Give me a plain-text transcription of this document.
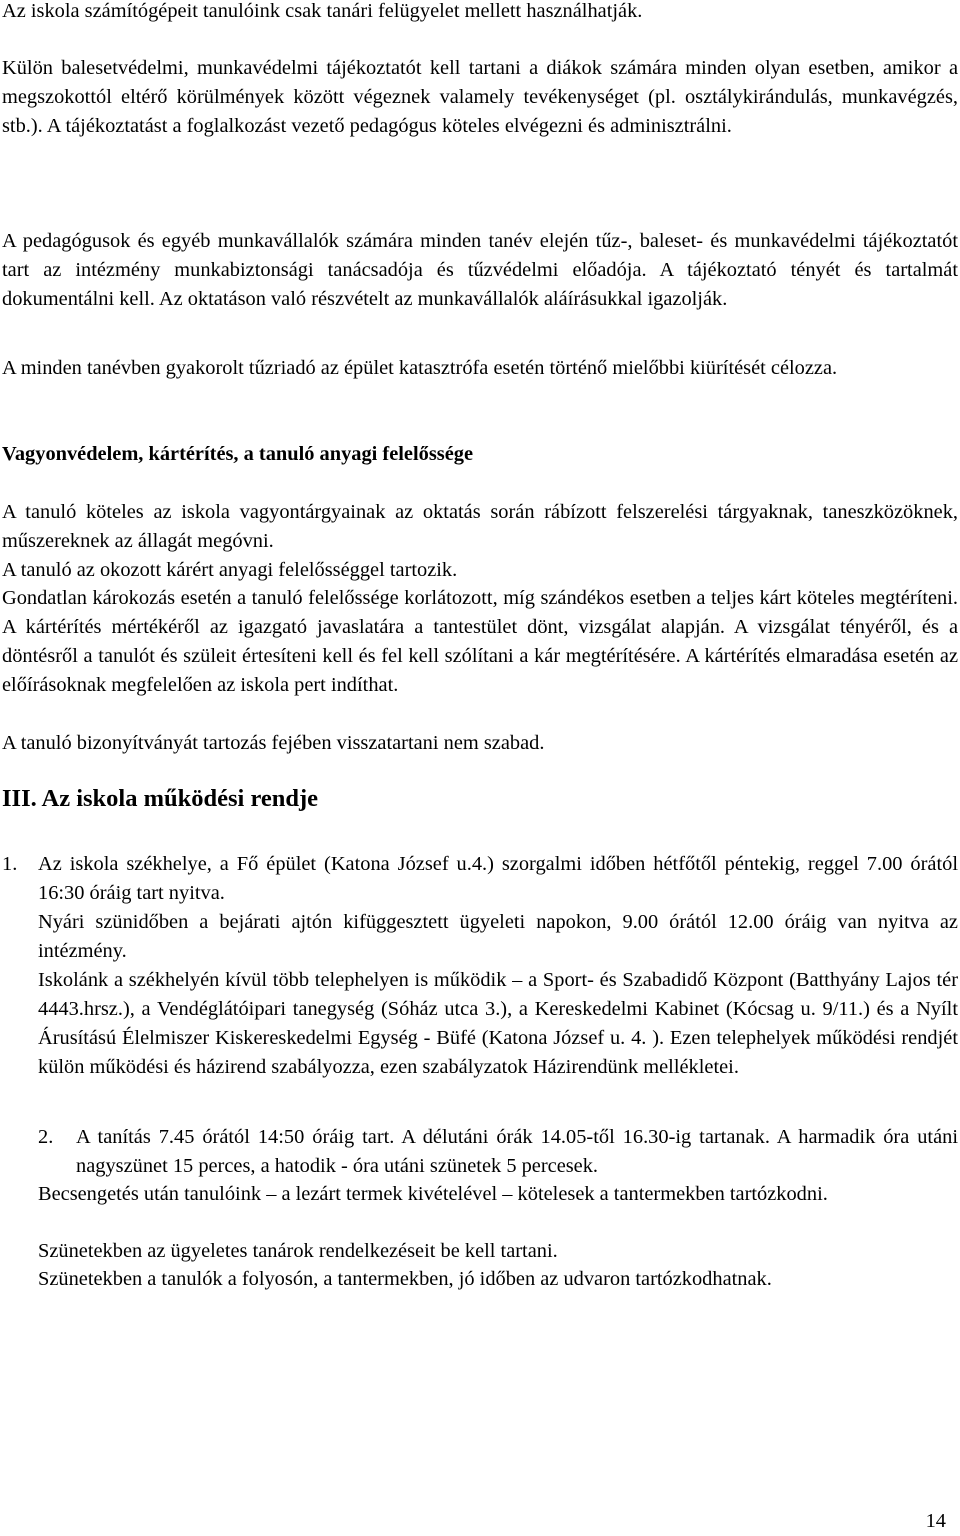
Az iskola számítógépeit tanulóink csak tanári felügyelet mellett használhatják.

Külön balesetvédelmi, munkavédelmi tájékoztatót kell tartani a diákok számára minden olyan esetben, amikor a megszokottól eltérő körülmények között végeznek valamely tevékenységet (pl. osztálykirándulás, munkavégzés, stb.). A tájékoztatást a foglalkozást vezető pedagógus köteles elvégezni és adminisztrálni.

A pedagógusok és egyéb munkavállalók számára minden tanév elején tűz-, baleset- és munkavédelmi tájékoztatót tart az intézmény munkabiztonsági tanácsadója és tűzvédelmi előadója. A tájékoztató tényét és tartalmát dokumentálni kell. Az oktatáson való részvételt az munkavállalók aláírásukkal igazolják.

A minden tanévben gyakorolt tűzriadó az épület katasztrófa esetén történő mielőbbi kiürítését célozza.

Vagyonvédelem, kártérítés, a tanuló anyagi felelőssége

A tanuló köteles az iskola vagyontárgyainak az oktatás során rábízott felszerelési tárgyaknak, taneszközöknek, műszereknek az állagát megóvni.

A tanuló az okozott kárért anyagi felelősséggel tartozik.

Gondatlan károkozás esetén a tanuló felelőssége korlátozott, míg szándékos esetben a teljes kárt köteles megtéríteni. A kártérítés mértékéről az igazgató javaslatára a tantestület dönt, vizsgálat alapján. A vizsgálat tényéről, és a döntésről a tanulót és szüleit értesíteni kell és fel kell szólítani a kár megtérítésére. A kártérítés elmaradása esetén az előírásoknak megfelelően az iskola pert indíthat.

A tanuló bizonyítványát tartozás fejében visszatartani nem szabad.

III. Az iskola működési rendje
1.	Az iskola székhelye, a Fő épület (Katona József u.4.) szorgalmi időben hétfőtől péntekig, reggel 7.00 órától 16:30 óráig tart nyitva.

Nyári szünidőben a bejárati ajtón kifüggesztett ügyeleti napokon, 9.00 órától 12.00 óráig van nyitva az intézmény.

Iskolánk a székhelyén kívül több telephelyen is működik – a Sport- és Szabadidő Központ (Batthyány Lajos tér 4443.hrsz.), a Vendéglátóipari tanegység (Sóház utca 3.), a Kereskedelmi Kabinet (Kócsag u. 9/11.) és a Nyílt Árusítású Élelmiszer Kiskereskedelmi Egység - Büfé (Katona József u. 4. ). Ezen telephelyek működési rendjét külön működési és házirend szabályozza, ezen szabályzatok Házirendünk mellékletei.

2.	A tanítás 7.45 órától 14:50 óráig tart. A délutáni órák 14.05-től 16.30-ig tartanak. A harmadik óra utáni nagyszünet 15 perces, a hatodik - óra utáni szünetek 5 percesek.

Becsengetés után tanulóink – a lezárt termek kivételével – kötelesek a tantermekben tartózkodni.

Szünetekben az ügyeletes tanárok rendelkezéseit be kell tartani.

Szünetekben a tanulók a folyosón, a tantermekben, jó időben az udvaron tartózkodhatnak.

14
